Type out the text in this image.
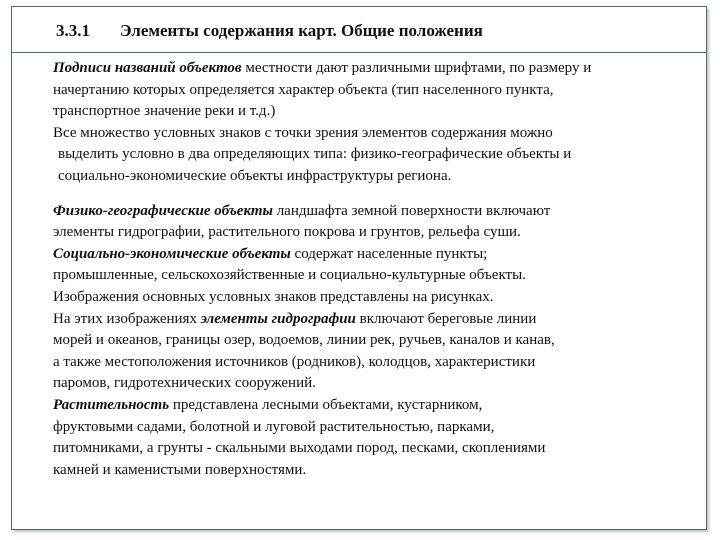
3.3.1 Элементы содержания карт. Общие положения
Подписи названий объектов местности дают различными шрифтами, по размеру и
начертанию которых определяется характер объекта (тип населенного пункта,
транспортное значение реки и т.д.)
Все множество условных знаков с точки зрения элементов содержания можно
выделить условно в два определяющих типа: физико-географические объекты и
социально-экономические объекты инфраструктуры региона.
Физико-географические объекты ландшафта земной поверхности включают
элементы гидрографии, растительного покрова и грунтов, рельефа суши.
Социально-экономические объекты содержат населенные пункты;
промышленные, сельскохозяйственные и социально-культурные объекты.
Изображения основных условных знаков представлены на рисунках.
На этих изображениях элементы гидрографии включают береговые линии
морей и океанов, границы озер, водоемов, линии рек, ручьев, каналов и канав,
а также местоположения источников (родников), колодцов, характеристики
паромов, гидротехнических сооружений.
Растительность представлена лесными объектами, кустарником,
фруктовыми садами, болотной и луговой растительностью, парками,
питомниками, а грунты - скальными выходами пород, песками, скоплениями
камней и каменистыми поверхностями.
